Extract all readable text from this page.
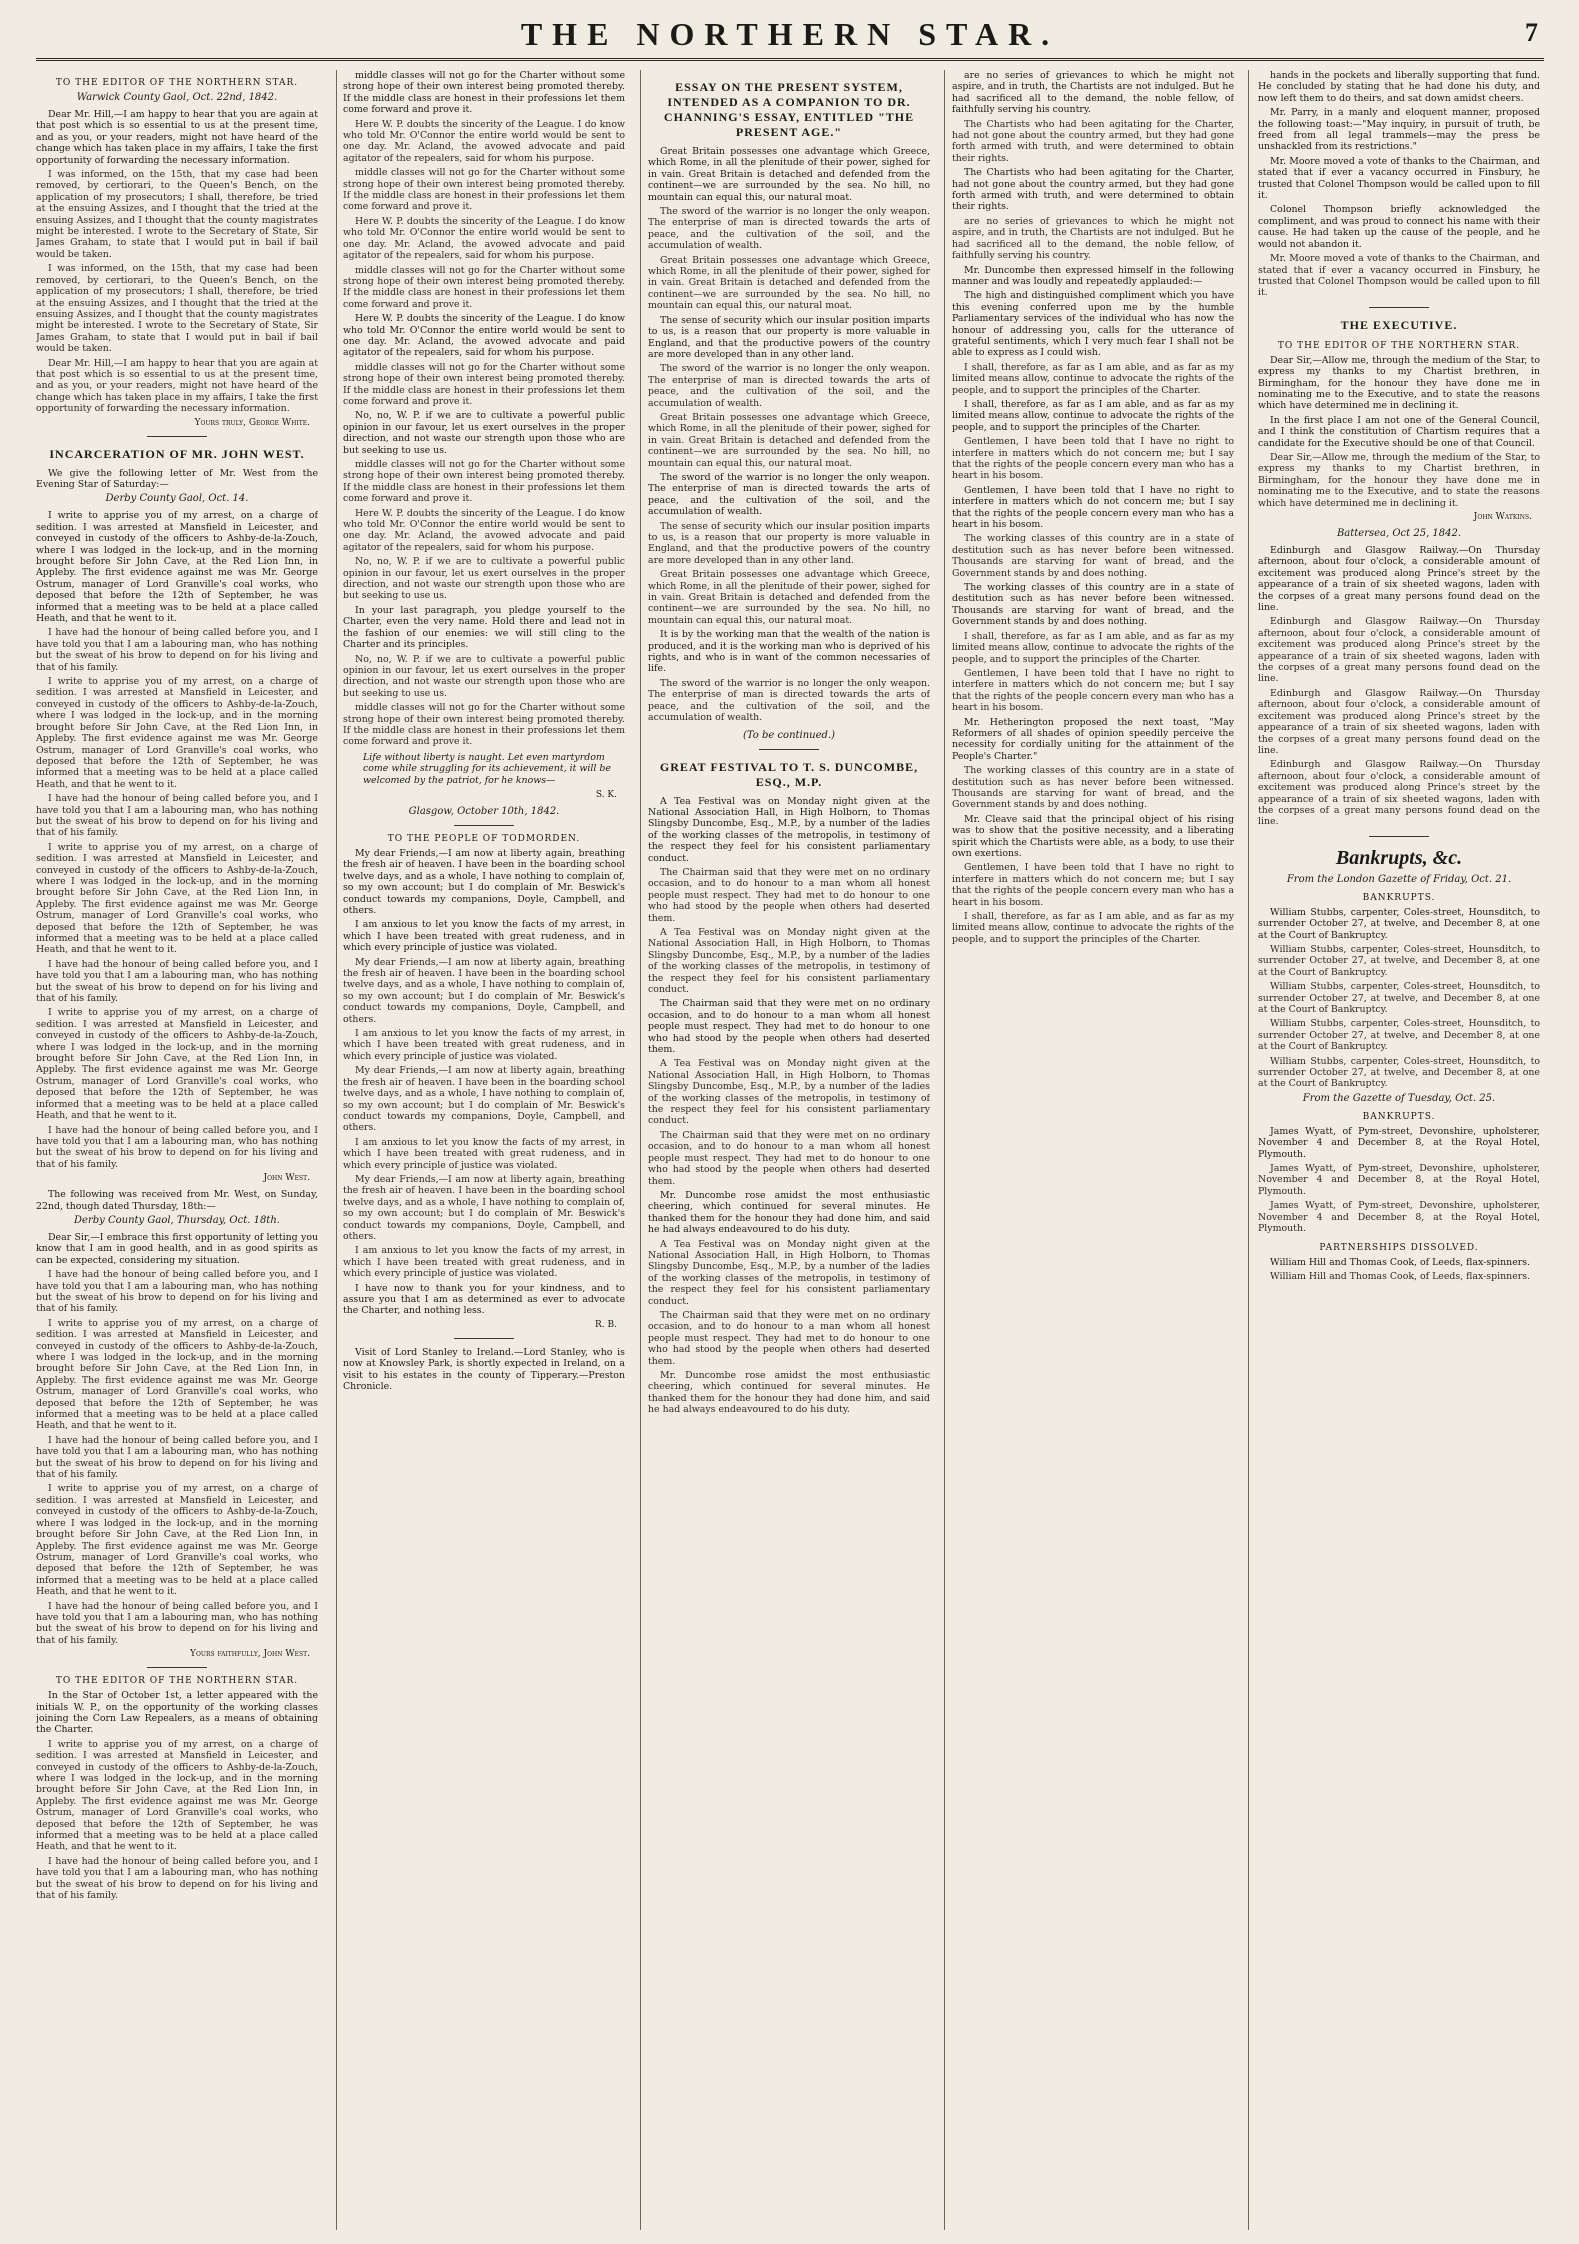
THE NORTHERN STAR.	7
TO THE EDITOR OF THE NORTHERN STAR.
Warwick County Gaol, Oct. 22nd, 1842.

Dear Mr. Hill,—I am happy to hear that you are again at that post which is so essential to us at the present time, and as you, or your readers, might not have heard of the change which has taken place in my affairs, I take the first opportunity of forwarding the necessary information.

I was informed, on the 15th, that my case had been removed, by certiorari, to the Queen's Bench, on the application of my prosecutors; I shall, therefore, be tried at the ensuing Assizes, and I thought that the tried at the ensuing Assizes, and I thought that the county magistrates might be interested. I wrote to the Secretary of State, Sir James Graham, to state that I would put in bail if bail would be taken.

I was informed, on the 15th, that my case had been removed, by certiorari, to the Queen's Bench, on the application of my prosecutors; I shall, therefore, be tried at the ensuing Assizes, and I thought that the tried at the ensuing Assizes, and I thought that the county magistrates might be interested. I wrote to the Secretary of State, Sir James Graham, to state that I would put in bail if bail would be taken.

Dear Mr. Hill,—I am happy to hear that you are again at that post which is so essential to us at the present time, and as you, or your readers, might not have heard of the change which has taken place in my affairs, I take the first opportunity of forwarding the necessary information.

Yours truly, George White.
INCARCERATION OF MR. JOHN WEST.

We give the following letter of Mr. West from the Evening Star of Saturday:—

Derby County Gaol, Oct. 14.

I write to apprise you of my arrest, on a charge of sedition. I was arrested at Mansfield in Leicester, and conveyed in custody of the officers to Ashby-de-la-Zouch, where I was lodged in the lock-up, and in the morning brought before Sir John Cave, at the Red Lion Inn, in Appleby. The first evidence against me was Mr. George Ostrum, manager of Lord Granville's coal works, who deposed that before the 12th of September, he was informed that a meeting was to be held at a place called Heath, and that he went to it.

I have had the honour of being called before you, and I have told you that I am a labouring man, who has nothing but the sweat of his brow to depend on for his living and that of his family.

I write to apprise you of my arrest, on a charge of sedition. I was arrested at Mansfield in Leicester, and conveyed in custody of the officers to Ashby-de-la-Zouch, where I was lodged in the lock-up, and in the morning brought before Sir John Cave, at the Red Lion Inn, in Appleby. The first evidence against me was Mr. George Ostrum, manager of Lord Granville's coal works, who deposed that before the 12th of September, he was informed that a meeting was to be held at a place called Heath, and that he went to it.

I have had the honour of being called before you, and I have told you that I am a labouring man, who has nothing but the sweat of his brow to depend on for his living and that of his family.

I write to apprise you of my arrest, on a charge of sedition. I was arrested at Mansfield in Leicester, and conveyed in custody of the officers to Ashby-de-la-Zouch, where I was lodged in the lock-up, and in the morning brought before Sir John Cave, at the Red Lion Inn, in Appleby. The first evidence against me was Mr. George Ostrum, manager of Lord Granville's coal works, who deposed that before the 12th of September, he was informed that a meeting was to be held at a place called Heath, and that he went to it.

I have had the honour of being called before you, and I have told you that I am a labouring man, who has nothing but the sweat of his brow to depend on for his living and that of his family.

I write to apprise you of my arrest, on a charge of sedition. I was arrested at Mansfield in Leicester, and conveyed in custody of the officers to Ashby-de-la-Zouch, where I was lodged in the lock-up, and in the morning brought before Sir John Cave, at the Red Lion Inn, in Appleby. The first evidence against me was Mr. George Ostrum, manager of Lord Granville's coal works, who deposed that before the 12th of September, he was informed that a meeting was to be held at a place called Heath, and that he went to it.

I have had the honour of being called before you, and I have told you that I am a labouring man, who has nothing but the sweat of his brow to depend on for his living and that of his family.

John West.

The following was received from Mr. West, on Sunday, 22nd, though dated Thursday, 18th:—

Derby County Gaol, Thursday, Oct. 18th.

Dear Sir,—I embrace this first opportunity of letting you know that I am in good health, and in as good spirits as can be expected, considering my situation.

I have had the honour of being called before you, and I have told you that I am a labouring man, who has nothing but the sweat of his brow to depend on for his living and that of his family.

I write to apprise you of my arrest, on a charge of sedition. I was arrested at Mansfield in Leicester, and conveyed in custody of the officers to Ashby-de-la-Zouch, where I was lodged in the lock-up, and in the morning brought before Sir John Cave, at the Red Lion Inn, in Appleby. The first evidence against me was Mr. George Ostrum, manager of Lord Granville's coal works, who deposed that before the 12th of September, he was informed that a meeting was to be held at a place called Heath, and that he went to it.

I have had the honour of being called before you, and I have told you that I am a labouring man, who has nothing but the sweat of his brow to depend on for his living and that of his family.

I write to apprise you of my arrest, on a charge of sedition. I was arrested at Mansfield in Leicester, and conveyed in custody of the officers to Ashby-de-la-Zouch, where I was lodged in the lock-up, and in the morning brought before Sir John Cave, at the Red Lion Inn, in Appleby. The first evidence against me was Mr. George Ostrum, manager of Lord Granville's coal works, who deposed that before the 12th of September, he was informed that a meeting was to be held at a place called Heath, and that he went to it.

I have had the honour of being called before you, and I have told you that I am a labouring man, who has nothing but the sweat of his brow to depend on for his living and that of his family.

Yours faithfully, John West.
TO THE EDITOR OF THE NORTHERN STAR.

In the Star of October 1st, a letter appeared with the initials W. P., on the opportunity of the working classes joining the Corn Law Repealers, as a means of obtaining the Charter.

I write to apprise you of my arrest, on a charge of sedition. I was arrested at Mansfield in Leicester, and conveyed in custody of the officers to Ashby-de-la-Zouch, where I was lodged in the lock-up, and in the morning brought before Sir John Cave, at the Red Lion Inn, in Appleby. The first evidence against me was Mr. George Ostrum, manager of Lord Granville's coal works, who deposed that before the 12th of September, he was informed that a meeting was to be held at a place called Heath, and that he went to it.

I have had the honour of being called before you, and I have told you that I am a labouring man, who has nothing but the sweat of his brow to depend on for his living and that of his family.

middle classes will not go for the Charter without some strong hope of their own interest being promoted thereby. If the middle class are honest in their professions let them come forward and prove it.

Here W. P. doubts the sincerity of the League. I do know who told Mr. O'Connor the entire world would be sent to one day. Mr. Acland, the avowed advocate and paid agitator of the repealers, said for whom his purpose.

middle classes will not go for the Charter without some strong hope of their own interest being promoted thereby. If the middle class are honest in their professions let them come forward and prove it.

Here W. P. doubts the sincerity of the League. I do know who told Mr. O'Connor the entire world would be sent to one day. Mr. Acland, the avowed advocate and paid agitator of the repealers, said for whom his purpose.

middle classes will not go for the Charter without some strong hope of their own interest being promoted thereby. If the middle class are honest in their professions let them come forward and prove it.

Here W. P. doubts the sincerity of the League. I do know who told Mr. O'Connor the entire world would be sent to one day. Mr. Acland, the avowed advocate and paid agitator of the repealers, said for whom his purpose.

middle classes will not go for the Charter without some strong hope of their own interest being promoted thereby. If the middle class are honest in their professions let them come forward and prove it.

No, no, W. P. if we are to cultivate a powerful public opinion in our favour, let us exert ourselves in the proper direction, and not waste our strength upon those who are but seeking to use us.

middle classes will not go for the Charter without some strong hope of their own interest being promoted thereby. If the middle class are honest in their professions let them come forward and prove it.

Here W. P. doubts the sincerity of the League. I do know who told Mr. O'Connor the entire world would be sent to one day. Mr. Acland, the avowed advocate and paid agitator of the repealers, said for whom his purpose.

No, no, W. P. if we are to cultivate a powerful public opinion in our favour, let us exert ourselves in the proper direction, and not waste our strength upon those who are but seeking to use us.

In your last paragraph, you pledge yourself to the Charter, even the very name. Hold there and lead not in the fashion of our enemies: we will still cling to the Charter and its principles.

No, no, W. P. if we are to cultivate a powerful public opinion in our favour, let us exert ourselves in the proper direction, and not waste our strength upon those who are but seeking to use us.

middle classes will not go for the Charter without some strong hope of their own interest being promoted thereby. If the middle class are honest in their professions let them come forward and prove it.

Life without liberty is naught. Let even martyrdom come while struggling for its achievement, it will be welcomed by the patriot, for he knows—
S. K.
Glasgow, October 10th, 1842.
TO THE PEOPLE OF TODMORDEN.

My dear Friends,—I am now at liberty again, breathing the fresh air of heaven. I have been in the boarding school twelve days, and as a whole, I have nothing to complain of, so my own account; but I do complain of Mr. Beswick's conduct towards my companions, Doyle, Campbell, and others.

I am anxious to let you know the facts of my arrest, in which I have been treated with great rudeness, and in which every principle of justice was violated.

My dear Friends,—I am now at liberty again, breathing the fresh air of heaven. I have been in the boarding school twelve days, and as a whole, I have nothing to complain of, so my own account; but I do complain of Mr. Beswick's conduct towards my companions, Doyle, Campbell, and others.

I am anxious to let you know the facts of my arrest, in which I have been treated with great rudeness, and in which every principle of justice was violated.

My dear Friends,—I am now at liberty again, breathing the fresh air of heaven. I have been in the boarding school twelve days, and as a whole, I have nothing to complain of, so my own account; but I do complain of Mr. Beswick's conduct towards my companions, Doyle, Campbell, and others.

I am anxious to let you know the facts of my arrest, in which I have been treated with great rudeness, and in which every principle of justice was violated.

My dear Friends,—I am now at liberty again, breathing the fresh air of heaven. I have been in the boarding school twelve days, and as a whole, I have nothing to complain of, so my own account; but I do complain of Mr. Beswick's conduct towards my companions, Doyle, Campbell, and others.

I am anxious to let you know the facts of my arrest, in which I have been treated with great rudeness, and in which every principle of justice was violated.

I have now to thank you for your kindness, and to assure you that I am as determined as ever to advocate the Charter, and nothing less.

R. B.

Visit of Lord Stanley to Ireland.—Lord Stanley, who is now at Knowsley Park, is shortly expected in Ireland, on a visit to his estates in the county of Tipperary.—Preston Chronicle.

ESSAY ON THE PRESENT SYSTEM, INTENDED AS A COMPANION TO DR. CHANNING'S ESSAY, ENTITLED "THE PRESENT AGE."

Great Britain possesses one advantage which Greece, which Rome, in all the plenitude of their power, sighed for in vain. Great Britain is detached and defended from the continent—we are surrounded by the sea. No hill, no mountain can equal this, our natural moat.

The sword of the warrior is no longer the only weapon. The enterprise of man is directed towards the arts of peace, and the cultivation of the soil, and the accumulation of wealth.

Great Britain possesses one advantage which Greece, which Rome, in all the plenitude of their power, sighed for in vain. Great Britain is detached and defended from the continent—we are surrounded by the sea. No hill, no mountain can equal this, our natural moat.

The sense of security which our insular position imparts to us, is a reason that our property is more valuable in England, and that the productive powers of the country are more developed than in any other land.

The sword of the warrior is no longer the only weapon. The enterprise of man is directed towards the arts of peace, and the cultivation of the soil, and the accumulation of wealth.

Great Britain possesses one advantage which Greece, which Rome, in all the plenitude of their power, sighed for in vain. Great Britain is detached and defended from the continent—we are surrounded by the sea. No hill, no mountain can equal this, our natural moat.

The sword of the warrior is no longer the only weapon. The enterprise of man is directed towards the arts of peace, and the cultivation of the soil, and the accumulation of wealth.

The sense of security which our insular position imparts to us, is a reason that our property is more valuable in England, and that the productive powers of the country are more developed than in any other land.

Great Britain possesses one advantage which Greece, which Rome, in all the plenitude of their power, sighed for in vain. Great Britain is detached and defended from the continent—we are surrounded by the sea. No hill, no mountain can equal this, our natural moat.

It is by the working man that the wealth of the nation is produced, and it is the working man who is deprived of his rights, and who is in want of the common necessaries of life.

The sword of the warrior is no longer the only weapon. The enterprise of man is directed towards the arts of peace, and the cultivation of the soil, and the accumulation of wealth.

(To be continued.)
GREAT FESTIVAL TO T. S. DUNCOMBE, ESQ., M.P.

A Tea Festival was on Monday night given at the National Association Hall, in High Holborn, to Thomas Slingsby Duncombe, Esq., M.P., by a number of the ladies of the working classes of the metropolis, in testimony of the respect they feel for his consistent parliamentary conduct.

The Chairman said that they were met on no ordinary occasion, and to do honour to a man whom all honest people must respect. They had met to do honour to one who had stood by the people when others had deserted them.

A Tea Festival was on Monday night given at the National Association Hall, in High Holborn, to Thomas Slingsby Duncombe, Esq., M.P., by a number of the ladies of the working classes of the metropolis, in testimony of the respect they feel for his consistent parliamentary conduct.

The Chairman said that they were met on no ordinary occasion, and to do honour to a man whom all honest people must respect. They had met to do honour to one who had stood by the people when others had deserted them.

A Tea Festival was on Monday night given at the National Association Hall, in High Holborn, to Thomas Slingsby Duncombe, Esq., M.P., by a number of the ladies of the working classes of the metropolis, in testimony of the respect they feel for his consistent parliamentary conduct.

The Chairman said that they were met on no ordinary occasion, and to do honour to a man whom all honest people must respect. They had met to do honour to one who had stood by the people when others had deserted them.

Mr. Duncombe rose amidst the most enthusiastic cheering, which continued for several minutes. He thanked them for the honour they had done him, and said he had always endeavoured to do his duty.

A Tea Festival was on Monday night given at the National Association Hall, in High Holborn, to Thomas Slingsby Duncombe, Esq., M.P., by a number of the ladies of the working classes of the metropolis, in testimony of the respect they feel for his consistent parliamentary conduct.

The Chairman said that they were met on no ordinary occasion, and to do honour to a man whom all honest people must respect. They had met to do honour to one who had stood by the people when others had deserted them.

Mr. Duncombe rose amidst the most enthusiastic cheering, which continued for several minutes. He thanked them for the honour they had done him, and said he had always endeavoured to do his duty.

are no series of grievances to which he might not aspire, and in truth, the Chartists are not indulged. But he had sacrificed all to the demand, the noble fellow, of faithfully serving his country.

The Chartists who had been agitating for the Charter, had not gone about the country armed, but they had gone forth armed with truth, and were determined to obtain their rights.

The Chartists who had been agitating for the Charter, had not gone about the country armed, but they had gone forth armed with truth, and were determined to obtain their rights.

are no series of grievances to which he might not aspire, and in truth, the Chartists are not indulged. But he had sacrificed all to the demand, the noble fellow, of faithfully serving his country.

Mr. Duncombe then expressed himself in the following manner and was loudly and repeatedly applauded:—

The high and distinguished compliment which you have this evening conferred upon me by the humble Parliamentary services of the individual who has now the honour of addressing you, calls for the utterance of grateful sentiments, which I very much fear I shall not be able to express as I could wish.

I shall, therefore, as far as I am able, and as far as my limited means allow, continue to advocate the rights of the people, and to support the principles of the Charter.

I shall, therefore, as far as I am able, and as far as my limited means allow, continue to advocate the rights of the people, and to support the principles of the Charter.

Gentlemen, I have been told that I have no right to interfere in matters which do not concern me; but I say that the rights of the people concern every man who has a heart in his bosom.

Gentlemen, I have been told that I have no right to interfere in matters which do not concern me; but I say that the rights of the people concern every man who has a heart in his bosom.

The working classes of this country are in a state of destitution such as has never before been witnessed. Thousands are starving for want of bread, and the Government stands by and does nothing.

The working classes of this country are in a state of destitution such as has never before been witnessed. Thousands are starving for want of bread, and the Government stands by and does nothing.

I shall, therefore, as far as I am able, and as far as my limited means allow, continue to advocate the rights of the people, and to support the principles of the Charter.

Gentlemen, I have been told that I have no right to interfere in matters which do not concern me; but I say that the rights of the people concern every man who has a heart in his bosom.

Mr. Hetherington proposed the next toast, "May Reformers of all shades of opinion speedily perceive the necessity for cordially uniting for the attainment of the People's Charter."

The working classes of this country are in a state of destitution such as has never before been witnessed. Thousands are starving for want of bread, and the Government stands by and does nothing.

Mr. Cleave said that the principal object of his rising was to show that the positive necessity, and a liberating spirit which the Chartists were able, as a body, to use their own exertions.

Gentlemen, I have been told that I have no right to interfere in matters which do not concern me; but I say that the rights of the people concern every man who has a heart in his bosom.

I shall, therefore, as far as I am able, and as far as my limited means allow, continue to advocate the rights of the people, and to support the principles of the Charter.

hands in the pockets and liberally supporting that fund. He concluded by stating that he had done his duty, and now left them to do theirs, and sat down amidst cheers.

Mr. Parry, in a manly and eloquent manner, proposed the following toast:—"May inquiry, in pursuit of truth, be freed from all legal trammels—may the press be unshackled from its restrictions."

Mr. Moore moved a vote of thanks to the Chairman, and stated that if ever a vacancy occurred in Finsbury, he trusted that Colonel Thompson would be called upon to fill it.

Colonel Thompson briefly acknowledged the compliment, and was proud to connect his name with their cause. He had taken up the cause of the people, and he would not abandon it.

Mr. Moore moved a vote of thanks to the Chairman, and stated that if ever a vacancy occurred in Finsbury, he trusted that Colonel Thompson would be called upon to fill it.

THE EXECUTIVE.
TO THE EDITOR OF THE NORTHERN STAR.

Dear Sir,—Allow me, through the medium of the Star, to express my thanks to my Chartist brethren, in Birmingham, for the honour they have done me in nominating me to the Executive, and to state the reasons which have determined me in declining it.

In the first place I am not one of the General Council, and I think the constitution of Chartism requires that a candidate for the Executive should be one of that Council.

Dear Sir,—Allow me, through the medium of the Star, to express my thanks to my Chartist brethren, in Birmingham, for the honour they have done me in nominating me to the Executive, and to state the reasons which have determined me in declining it.

John Watkins.
Battersea, Oct 25, 1842.

Edinburgh and Glasgow Railway.—On Thursday afternoon, about four o'clock, a considerable amount of excitement was produced along Prince's street by the appearance of a train of six sheeted wagons, laden with the corpses of a great many persons found dead on the line.

Edinburgh and Glasgow Railway.—On Thursday afternoon, about four o'clock, a considerable amount of excitement was produced along Prince's street by the appearance of a train of six sheeted wagons, laden with the corpses of a great many persons found dead on the line.

Edinburgh and Glasgow Railway.—On Thursday afternoon, about four o'clock, a considerable amount of excitement was produced along Prince's street by the appearance of a train of six sheeted wagons, laden with the corpses of a great many persons found dead on the line.

Edinburgh and Glasgow Railway.—On Thursday afternoon, about four o'clock, a considerable amount of excitement was produced along Prince's street by the appearance of a train of six sheeted wagons, laden with the corpses of a great many persons found dead on the line.

Bankrupts, &c.
From the London Gazette of Friday, Oct. 21.
BANKRUPTS.

William Stubbs, carpenter, Coles-street, Hounsditch, to surrender October 27, at twelve, and December 8, at one at the Court of Bankruptcy.

William Stubbs, carpenter, Coles-street, Hounsditch, to surrender October 27, at twelve, and December 8, at one at the Court of Bankruptcy.

William Stubbs, carpenter, Coles-street, Hounsditch, to surrender October 27, at twelve, and December 8, at one at the Court of Bankruptcy.

William Stubbs, carpenter, Coles-street, Hounsditch, to surrender October 27, at twelve, and December 8, at one at the Court of Bankruptcy.

William Stubbs, carpenter, Coles-street, Hounsditch, to surrender October 27, at twelve, and December 8, at one at the Court of Bankruptcy.

From the Gazette of Tuesday, Oct. 25.
BANKRUPTS.

James Wyatt, of Pym-street, Devonshire, upholsterer, November 4 and December 8, at the Royal Hotel, Plymouth.

James Wyatt, of Pym-street, Devonshire, upholsterer, November 4 and December 8, at the Royal Hotel, Plymouth.

James Wyatt, of Pym-street, Devonshire, upholsterer, November 4 and December 8, at the Royal Hotel, Plymouth.

PARTNERSHIPS DISSOLVED.

William Hill and Thomas Cook, of Leeds, flax-spinners.

William Hill and Thomas Cook, of Leeds, flax-spinners.
